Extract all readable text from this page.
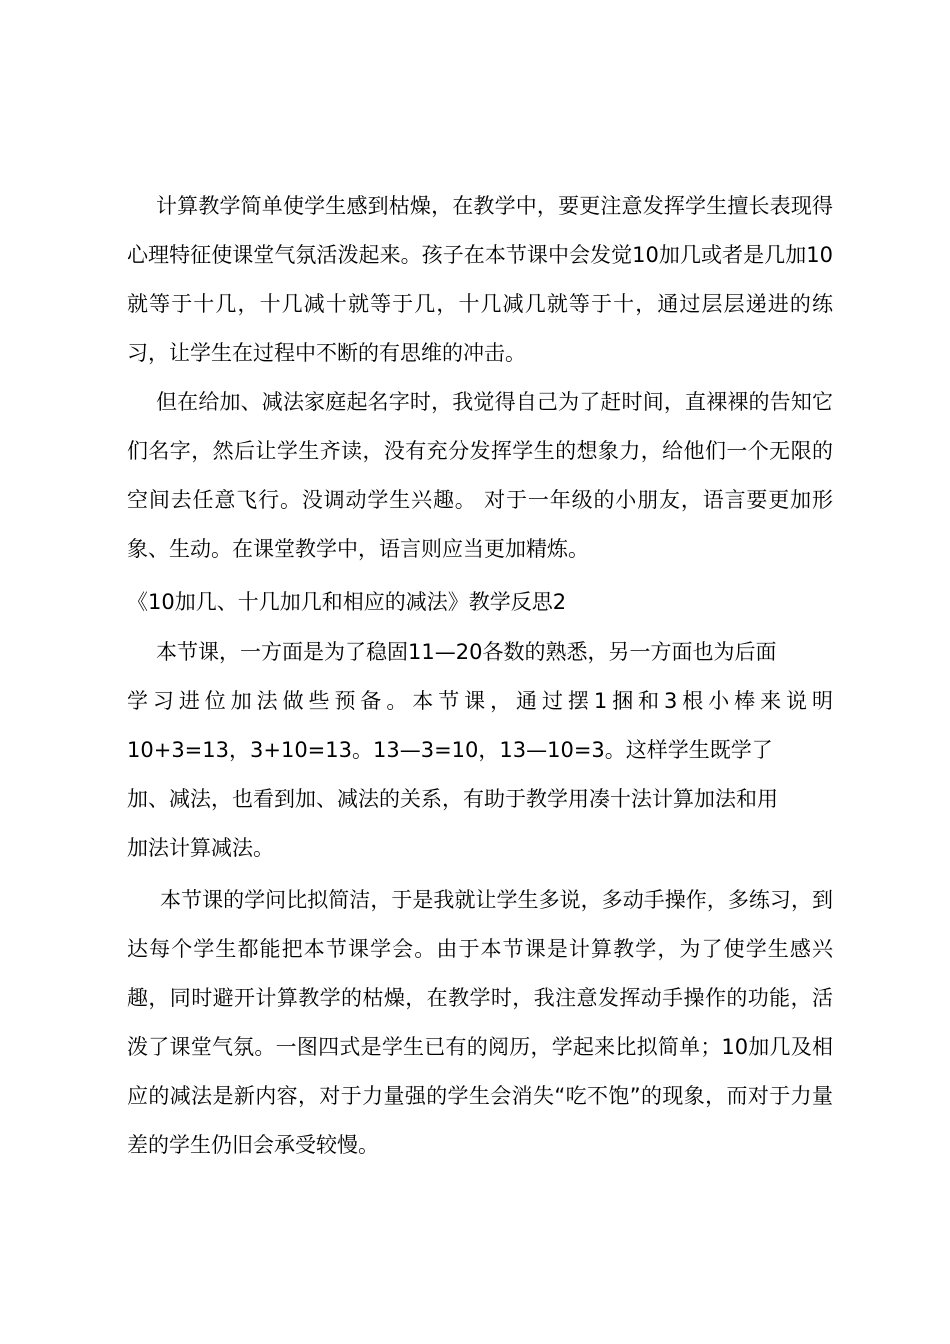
计算教学简单使学生感到枯燥，在教学中，要更注意发挥学生擅长表现得心理特征使课堂气氛活泼起来。孩子在本节课中会发觉10加几或者是几加10就等于十几，十几减十就等于几，十几减几就等于十，通过层层递进的练习，让学生在过程中不断的有思维的冲击。

但在给加、减法家庭起名字时，我觉得自己为了赶时间，直裸裸的告知它们名字，然后让学生齐读，没有充分发挥学生的想象力，给他们一个无限的空间去任意飞行。没调动学生兴趣。 对于一年级的小朋友，语言要更加形象、生动。在课堂教学中，语言则应当更加精炼。

《10加几、十几加几和相应的减法》教学反思2
本节课，一方面是为了稳固11—20各数的熟悉，另一方面也为后面
学习进位加法做些预备。本节课，通过摆1捆和3根小棒来说明
10+3=13，3+10=13。13—3=10，13—10=3。这样学生既学了
加、减法，也看到加、减法的关系，有助于教学用凑十法计算加法和用
加法计算减法。

本节课的学问比拟简洁，于是我就让学生多说，多动手操作，多练习，到达每个学生都能把本节课学会。由于本节课是计算教学，为了使学生感兴趣，同时避开计算教学的枯燥，在教学时，我注意发挥动手操作的功能，活泼了课堂气氛。一图四式是学生已有的阅历，学起来比拟简单；10加几及相应的减法是新内容，对于力量强的学生会消失“吃不饱”的现象，而对于力量差的学生仍旧会承受较慢。
